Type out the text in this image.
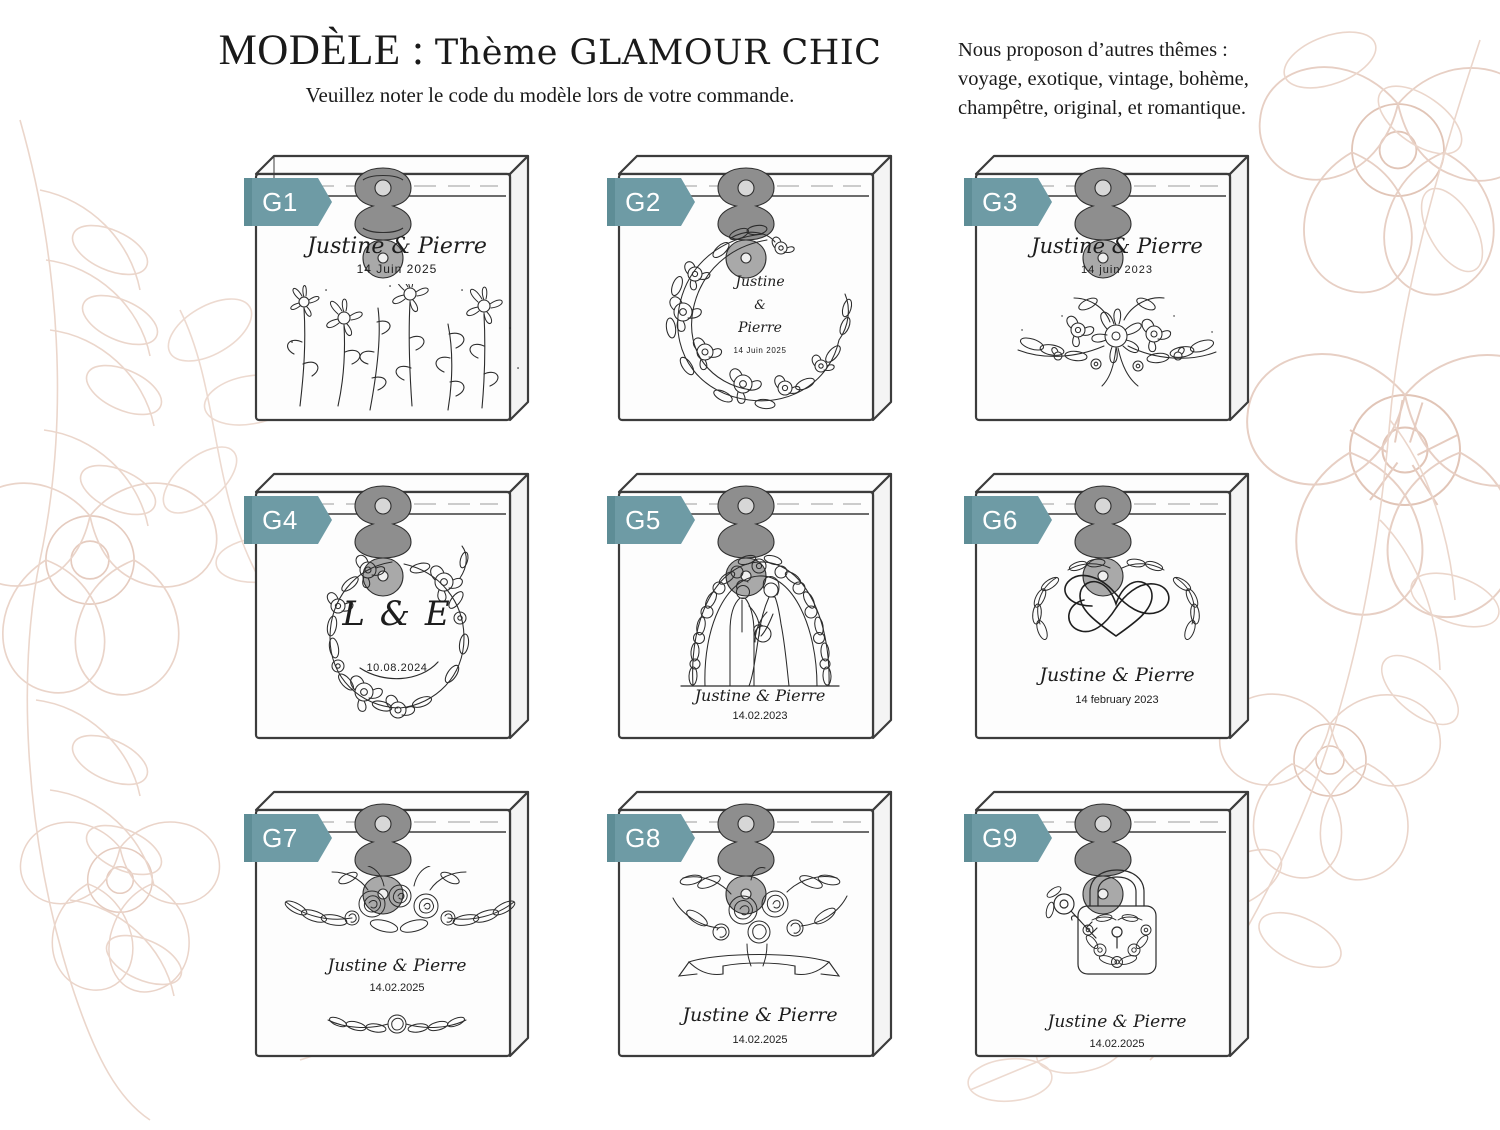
MODÈLE : Thème GLAMOUR CHIC
Veuillez noter le code du modèle lors de votre commande.
Nous proposon d’autres thêmes :
voyage, exotique, vintage, bohème,
champêtre, original, et romantique.
G1
Justine & Pierre
14 Juin 2025
G2
Justine
&
Pierre
14 Juin 2025
G3
Justine & Pierre
14 juin 2023
G4
L & E
10.08.2024
G5
Justine & Pierre
14.02.2023
G6
Justine & Pierre
14 february 2023
G7
Justine & Pierre
14.02.2025
G8
Justine & Pierre
14.02.2025
G9
Justine & Pierre
14.02.2025
